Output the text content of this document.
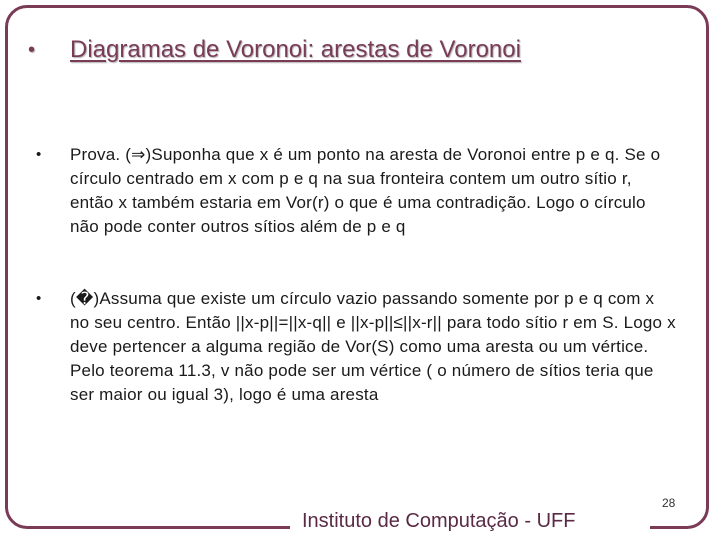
• Diagramas de Voronoi: arestas de Voronoi
• Prova. (⇒)Suponha que x é um ponto na aresta de Voronoi entre p e q. Se o círculo centrado em x com p e q na sua fronteira contem um outro sítio r, então x também estaria em Vor(r) o que é uma contradição. Logo o círculo não pode conter outros sítios além de p e q
• (�)Assuma que existe um círculo vazio passando somente por p e q com x no seu centro. Então ||x-p||=||x-q|| e ||x-p||≤||x-r|| para todo sítio r em S. Logo x deve pertencer a alguma região de Vor(S) como uma aresta ou um vértice. Pelo teorema 11.3, v não pode ser um vértice ( o número de sítios teria que ser maior ou igual 3), logo é uma aresta
Instituto de Computação - UFF
28
